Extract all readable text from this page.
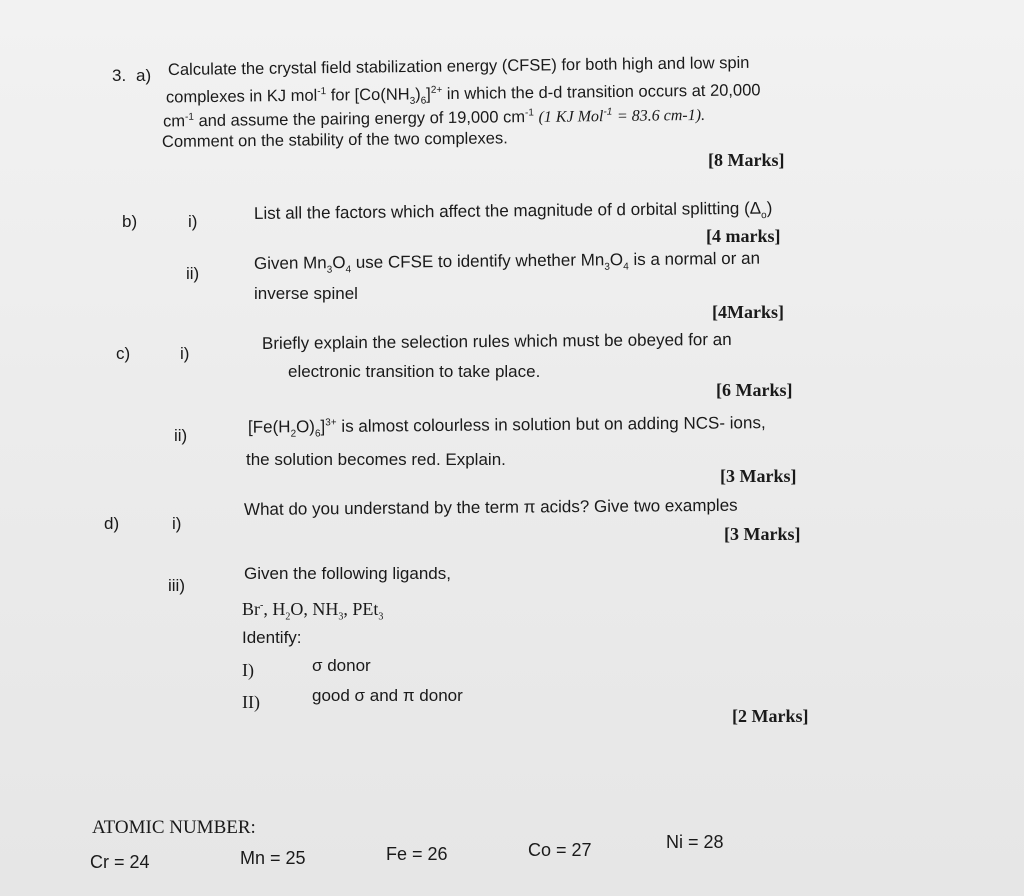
3. a) Calculate the crystal field stabilization energy (CFSE) for both high and low spin
complexes in KJ mol$^{-1}$ for $[Co(NH_3)_6]^{2+}$ in which the d-d transition occurs at 20,000
$cm^{-1}$ and assume the pairing energy of 19,000 $cm^{-1}$ (1 KJ Mol$^{-1}$ = 83.6 cm-1).
Comment on the stability of the two complexes.
[8 Marks]
b)	i)	List all the factors which affect the magnitude of d orbital splitting $(\Delta_o)$
[4 marks]
ii)
Given $Mn_3O_4$ use CFSE to identify whether $Mn_3O_4$ is a normal or an
inverse spinel
[4Marks]
c)	i)
Briefly explain the selection rules which must be obeyed for an
electronic transition to take place.
[6 Marks]
ii)	$[Fe(H_2O)_6]^{3+}$ is almost colourless in solution but on adding NCS- ions,
the solution becomes red. Explain.
[3 Marks]
d)	i)
What do you understand by the term π acids? Give two examples
[3 Marks]
iii)
Given the following ligands,
Br-, $H_2O$, $NH_3$, PEt$_3$
Identify:
I)	σ donor
II)	good σ and π donor
[2 Marks]
ATOMIC NUMBER:
Cr = 24	Mn = 25	Fe = 26	Co = 27	Ni = 28
